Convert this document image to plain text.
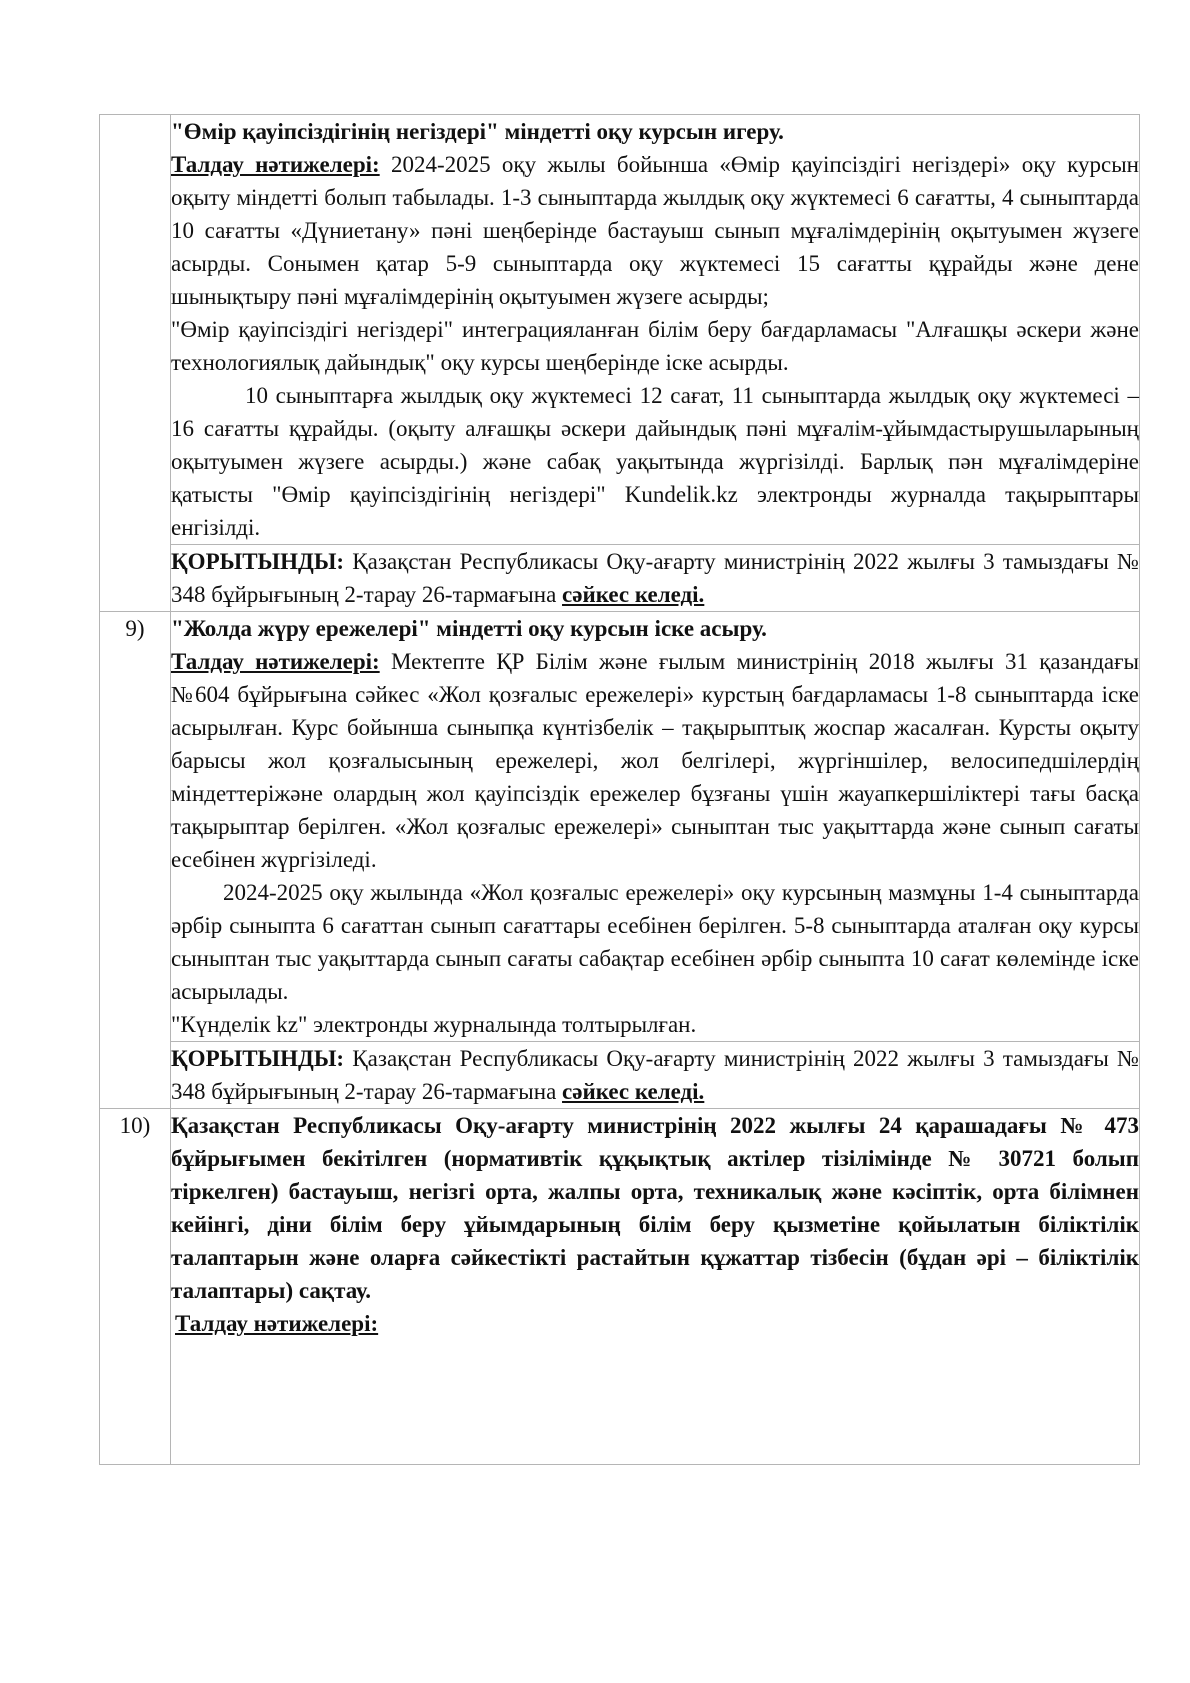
	"Өмір қауіпсіздігінің негіздері" міндетті оқу курсын игеру.

Талдау нәтижелері: 2024-2025 оқу жылы бойынша «Өмір қауіпсіздігі негіздері» оқу курсын оқыту міндетті болып табылады. 1-3 сыныптарда жылдық оқу жүктемесі 6 сағатты, 4 сыныптарда 10 сағатты «Дүниетану» пәні шеңберінде бастауыш сынып мұғалімдерінің оқытуымен жүзеге асырды. Сонымен қатар 5-9 сыныптарда оқу жүктемесі 15 сағатты құрайды және дене шынықтыру пәні мұғалімдерінің оқытуымен жүзеге асырды;

"Өмір қауіпсіздігі негіздері" интеграцияланған білім беру бағдарламасы "Алғашқы әскери және технологиялық дайындық" оқу курсы шеңберінде іске асырды.

10 сыныптарға жылдық оқу жүктемесі 12 сағат, 11 сыныптарда жылдық оқу жүктемесі – 16 сағатты құрайды. (оқыту алғашқы әскери дайындық пәні мұғалім-ұйымдастырушыларының оқытуымен жүзеге асырды.) және сабақ уақытында жүргізілді. Барлық пән мұғалімдеріне қатысты "Өмір қауіпсіздігінің негіздері" Kundelik.kz электронды журналда тақырыптары енгізілді.

	ҚОРЫТЫНДЫ: Қазақстан Республикасы Оқу-ағарту министрінің 2022 жылғы 3 тамыздағы № 348 бұйрығының 2-тарау 26-тармағына сәйкес келеді.

9)	"Жолда жүру ережелері" міндетті оқу курсын іске асыру.

Талдау нәтижелері: Мектепте ҚР Білім және ғылым министрінің 2018 жылғы 31 қазандағы №604 бұйрығына сәйкес «Жол қозғалыс ережелері» курстың бағдарламасы 1-8 сыныптарда іске асырылған. Курс бойынша сыныпқа күнтізбелік – тақырыптық жоспар жасалған. Курсты оқыту барысы жол қозғалысының ережелері, жол белгілері, жүргіншілер, велосипедшілердің міндеттеріжәне олардың жол қауіпсіздік ережелер бұзғаны үшін жауапкершіліктері тағы басқа тақырыптар берілген. «Жол қозғалыс ережелері» сыныптан тыс уақыттарда және сынып сағаты есебінен жүргізіледі.

2024-2025 оқу жылында «Жол қозғалыс ережелері» оқу курсының мазмұны 1-4 сыныптарда әрбір сыныпта 6 сағаттан сынып сағаттары есебінен берілген. 5-8 сыныптарда аталған оқу курсы сыныптан тыс уақыттарда сынып сағаты сабақтар есебінен әрбір сыныпта 10 сағат көлемінде іске асырылады.

"Күнделік kz" электронды журналында толтырылған.

	ҚОРЫТЫНДЫ: Қазақстан Республикасы Оқу-ағарту министрінің 2022 жылғы 3 тамыздағы № 348 бұйрығының 2-тарау 26-тармағына сәйкес келеді.

10)	Қазақстан Республикасы Оқу-ағарту министрінің 2022 жылғы 24 қарашадағы № 473 бұйрығымен бекітілген (нормативтік құқықтық актілер тізілімінде № 30721 болып тіркелген) бастауыш, негізгі орта, жалпы орта, техникалық және кәсіптік, орта білімнен кейінгі, діни білім беру ұйымдарының білім беру қызметіне қойылатын біліктілік талаптарын және оларға сәйкестікті растайтын құжаттар тізбесін (бұдан әрі – біліктілік талаптары) сақтау.

Талдау нәтижелері:
